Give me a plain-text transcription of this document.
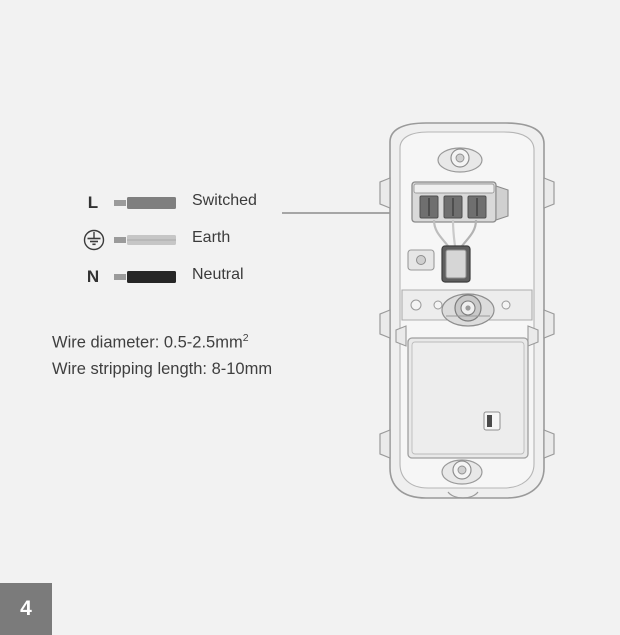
L	Switched
Earth
N	Neutral
Wire diameter: $0.5-2.5mm^2$
Wire stripping length: 8-10mm
4
